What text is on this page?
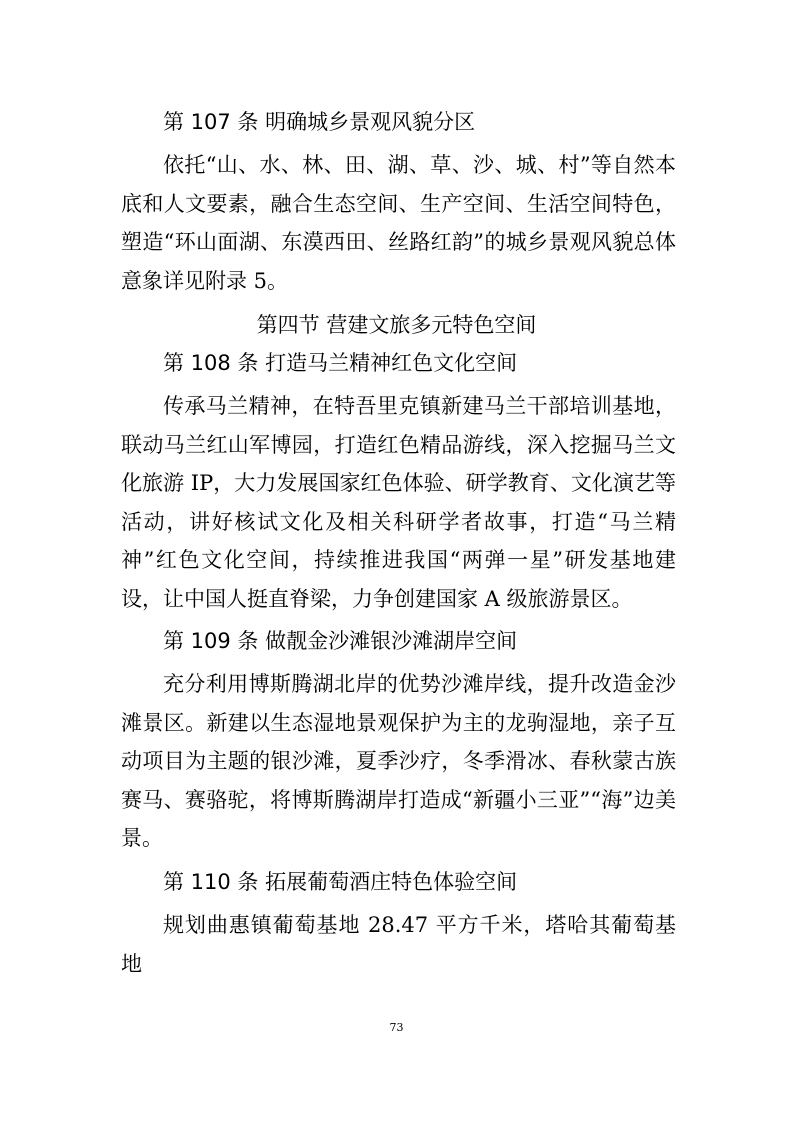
第 107 条 明确城乡景观风貌分区
依托“山、水、林、田、湖、草、沙、城、村”等自然本底和人文要素，融合生态空间、生产空间、生活空间特色，塑造“环山面湖、东漠西田、丝路红韵”的城乡景观风貌总体意象详见附录 5。
第四节 营建文旅多元特色空间
第 108 条 打造马兰精神红色文化空间
传承马兰精神，在特吾里克镇新建马兰干部培训基地，联动马兰红山军博园，打造红色精品游线，深入挖掘马兰文化旅游 IP，大力发展国家红色体验、研学教育、文化演艺等活动，讲好核试文化及相关科研学者故事，打造“马兰精神”红色文化空间，持续推进我国“两弹一星”研发基地建设，让中国人挺直脊梁，力争创建国家 A 级旅游景区。
第 109 条 做靓金沙滩银沙滩湖岸空间
充分利用博斯腾湖北岸的优势沙滩岸线，提升改造金沙滩景区。新建以生态湿地景观保护为主的龙驹湿地，亲子互动项目为主题的银沙滩，夏季沙疗，冬季滑冰、春秋蒙古族赛马、赛骆驼，将博斯腾湖岸打造成“新疆小三亚”“海”边美景。
第 110 条 拓展葡萄酒庄特色体验空间
规划曲惠镇葡萄基地 28.47 平方千米，塔哈其葡萄基地
73
